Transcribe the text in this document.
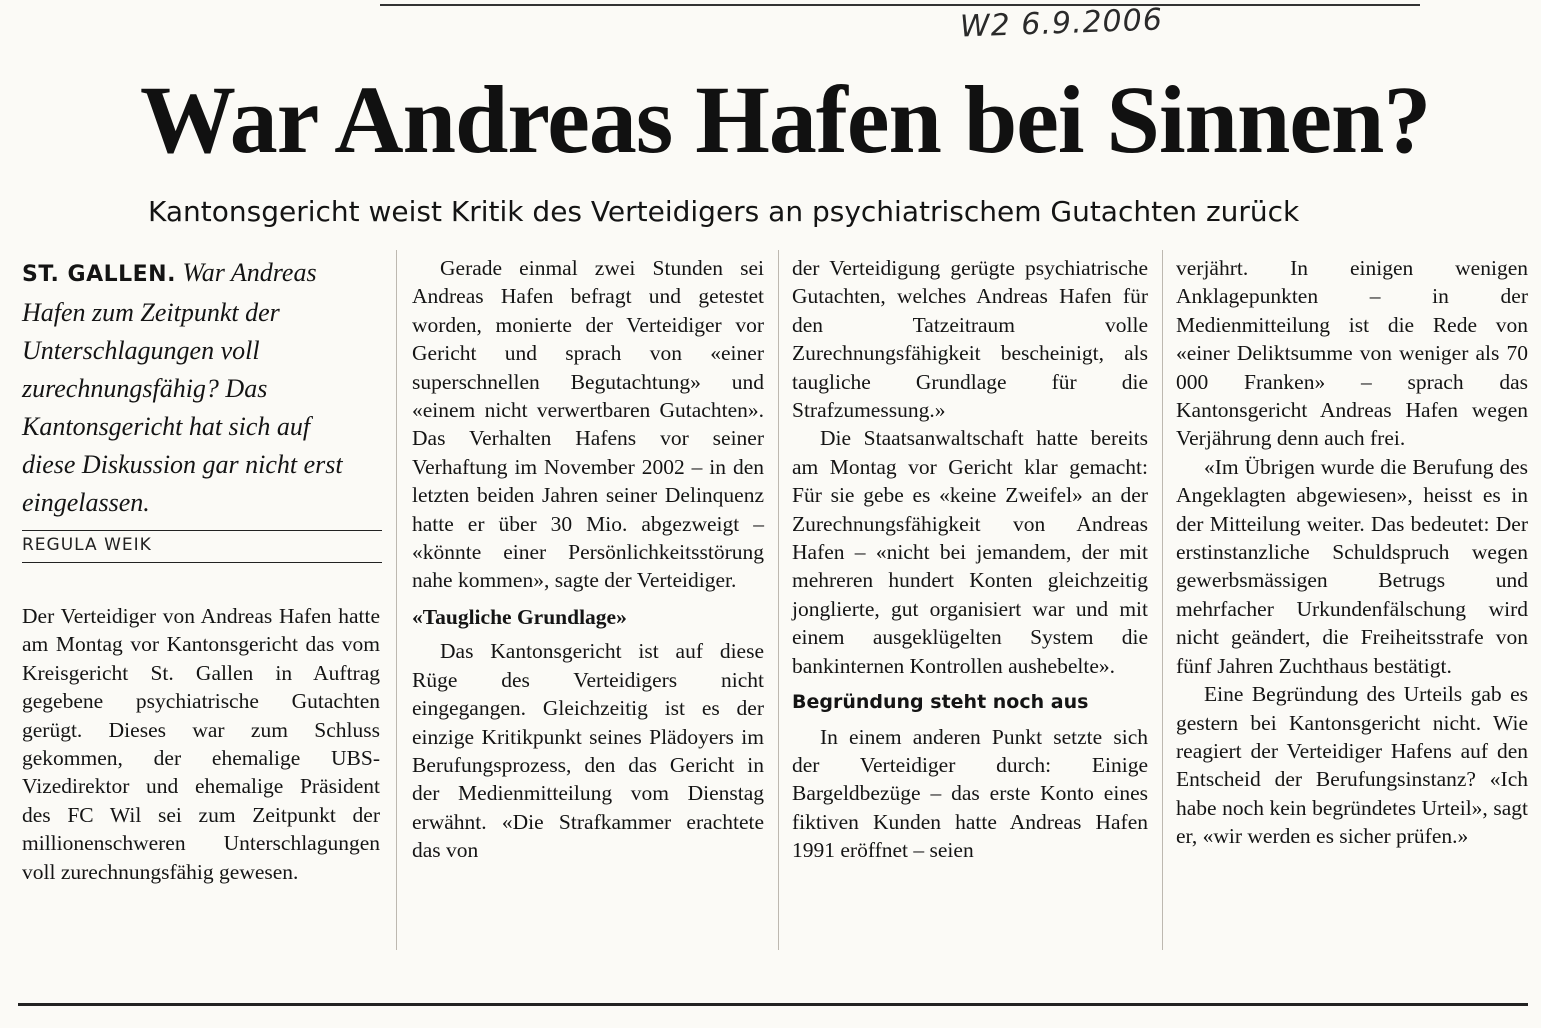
W2 6.9.2006
War Andreas Hafen bei Sinnen?
Kantonsgericht weist Kritik des Verteidigers an psychiatrischem Gutachten zurück
ST. GALLEN. War Andreas Hafen zum Zeitpunkt der Unterschlagungen voll zurechnungsfähig? Das Kantonsgericht hat sich auf diese Diskussion gar nicht erst eingelassen.
REGULA WEIK

Der Verteidiger von Andreas Hafen hatte am Montag vor Kantonsgericht das vom Kreisgericht St. Gallen in Auftrag gegebene psychiatrische Gutachten gerügt. Dieses war zum Schluss gekommen, der ehemalige UBS-Vizedirektor und ehemalige Präsident des FC Wil sei zum Zeitpunkt der millionenschweren Unterschlagungen voll zurechnungsfähig gewesen.

Gerade einmal zwei Stunden sei Andreas Hafen befragt und getestet worden, monierte der Verteidiger vor Gericht und sprach von «einer superschnellen Begutachtung» und «einem nicht verwertbaren Gutachten». Das Verhalten Hafens vor seiner Verhaftung im November 2002 – in den letzten beiden Jahren seiner Delinquenz hatte er über 30 Mio. abgezweigt – «könnte einer Persönlichkeitsstörung nahe kommen», sagte der Verteidiger.

«Taugliche Grundlage»

Das Kantonsgericht ist auf diese Rüge des Verteidigers nicht eingegangen. Gleichzeitig ist es der einzige Kritikpunkt seines Plädoyers im Berufungsprozess, den das Gericht in der Medienmitteilung vom Dienstag erwähnt. «Die Strafkammer erachtete das von

der Verteidigung gerügte psychiatrische Gutachten, welches Andreas Hafen für den Tatzeitraum volle Zurechnungsfähigkeit bescheinigt, als taugliche Grundlage für die Strafzumessung.»

Die Staatsanwaltschaft hatte bereits am Montag vor Gericht klar gemacht: Für sie gebe es «keine Zweifel» an der Zurechnungsfähigkeit von Andreas Hafen – «nicht bei jemandem, der mit mehreren hundert Konten gleichzeitig jonglierte, gut organisiert war und mit einem ausgeklügelten System die bankinternen Kontrollen aushebelte».

Begründung steht noch aus

In einem anderen Punkt setzte sich der Verteidiger durch: Einige Bargeldbezüge – das erste Konto eines fiktiven Kunden hatte Andreas Hafen 1991 eröffnet – seien

verjährt. In einigen wenigen Anklagepunkten – in der Medienmitteilung ist die Rede von «einer Deliktsumme von weniger als 70 000 Franken» – sprach das Kantonsgericht Andreas Hafen wegen Verjährung denn auch frei.

«Im Übrigen wurde die Berufung des Angeklagten abgewiesen», heisst es in der Mitteilung weiter. Das bedeutet: Der erstinstanzliche Schuldspruch wegen gewerbsmässigen Betrugs und mehrfacher Urkundenfälschung wird nicht geändert, die Freiheitsstrafe von fünf Jahren Zuchthaus bestätigt.

Eine Begründung des Urteils gab es gestern bei Kantonsgericht nicht. Wie reagiert der Verteidiger Hafens auf den Entscheid der Berufungsinstanz? «Ich habe noch kein begründetes Urteil», sagt er, «wir werden es sicher prüfen.»
